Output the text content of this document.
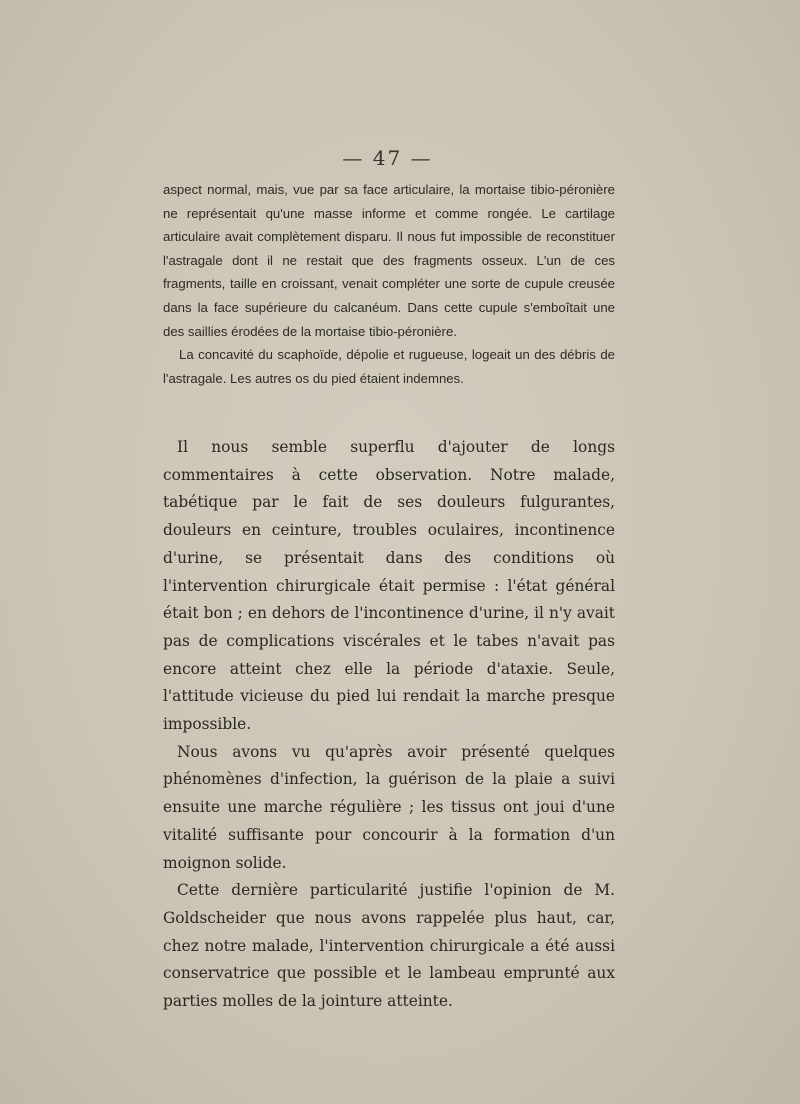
— 47 —

aspect normal, mais, vue par sa face articulaire, la mortaise tibio-péronière ne représentait qu'une masse informe et comme rongée. Le cartilage articulaire avait complètement disparu. Il nous fut impossible de reconstituer l'astragale dont il ne restait que des fragments osseux. L'un de ces fragments, taille en croissant, venait compléter une sorte de cupule creusée dans la face supérieure du calcanéum. Dans cette cupule s'emboîtait une des saillies érodées de la mortaise tibio-péronière.

La concavité du scaphoïde, dépolie et rugueuse, logeait un des débris de l'astragale. Les autres os du pied étaient indemnes.

Il nous semble superflu d'ajouter de longs commentaires à cette observation. Notre malade, tabétique par le fait de ses douleurs fulgurantes, douleurs en ceinture, troubles oculaires, incontinence d'urine, se présentait dans des conditions où l'intervention chirurgicale était permise : l'état général était bon ; en dehors de l'incontinence d'urine, il n'y avait pas de complications viscérales et le tabes n'avait pas encore atteint chez elle la période d'ataxie. Seule, l'attitude vicieuse du pied lui rendait la marche presque impossible.

Nous avons vu qu'après avoir présenté quelques phénomènes d'infection, la guérison de la plaie a suivi ensuite une marche régulière ; les tissus ont joui d'une vitalité suffisante pour concourir à la formation d'un moignon solide.

Cette dernière particularité justifie l'opinion de M. Goldscheider que nous avons rappelée plus haut, car, chez notre malade, l'intervention chirurgicale a été aussi conservatrice que possible et le lambeau emprunté aux parties molles de la jointure atteinte.
